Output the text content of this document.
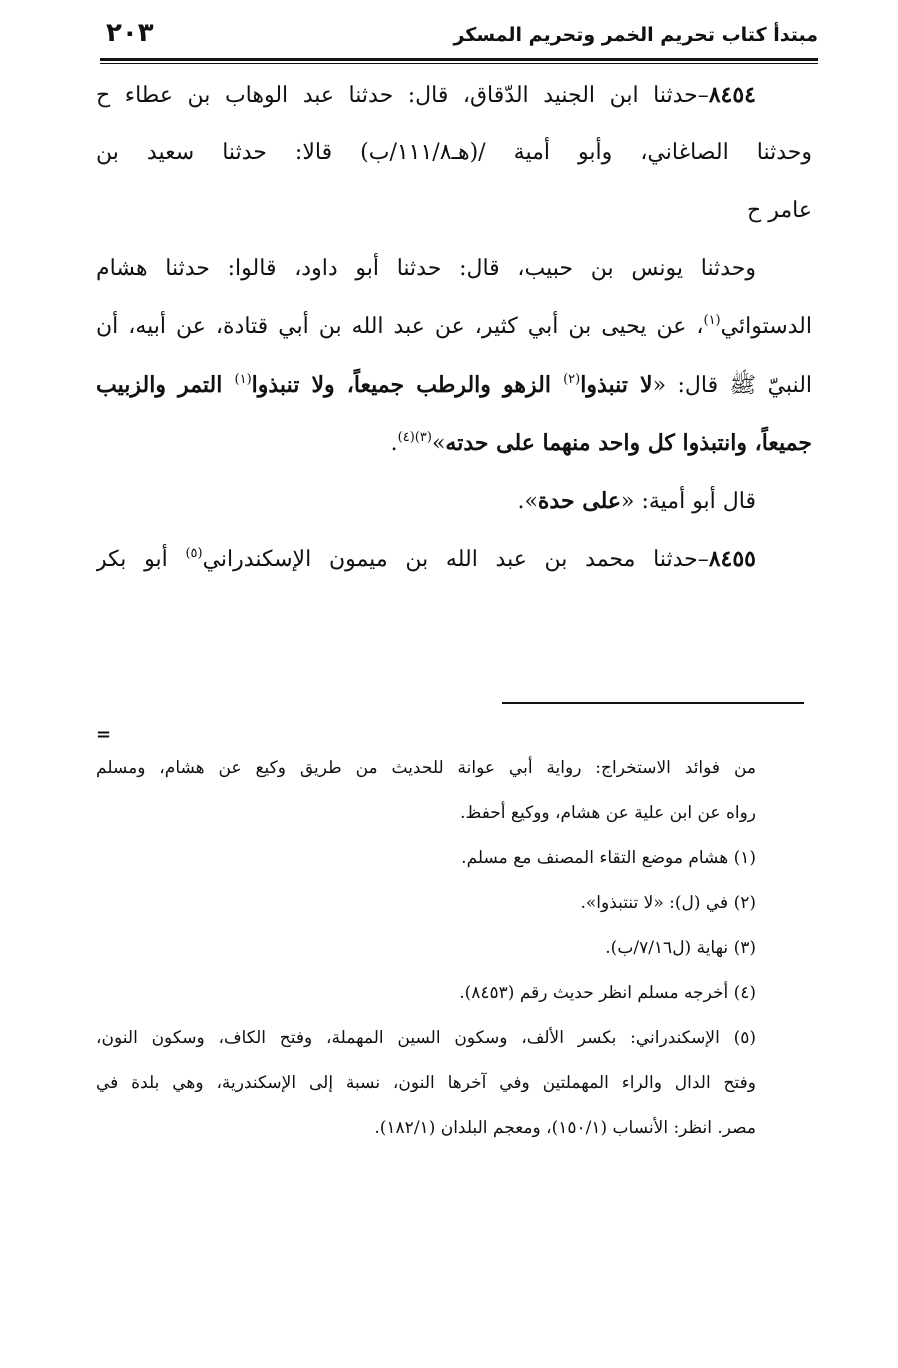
مبتدأ كتاب تحريم الخمر وتحريم المسكر
٢٠٣
٨٤٥٤–حدثنا ابن الجنيد الدّقاق، قال: حدثنا عبد الوهاب بن عطاء ح
وحدثنا الصاغاني، وأبو أمية /(هـ١١١/٨/ب) قالا: حدثنا سعيد بن
عامر ح
وحدثنا يونس بن حبيب، قال: حدثنا أبو داود، قالوا: حدثنا هشام
الدستوائي$^{(١)}$، عن يحيى بن أبي كثير، عن عبد الله بن أبي قتادة، عن أبيه، أن
النبيّ ﷺ قال: «لا تنبذوا$^{(٢)}$ الزهو والرطب جميعاً، ولا تنبذوا$^{(١)}$ التمر والزبيب
جميعاً، وانتبذوا كل واحد منهما على حدته»$^{(٣)(٤)}$.
قال أبو أمية: «على حدة».
٨٤٥٥–حدثنا محمد بن عبد الله بن ميمون الإسكندراني$^{(٥)}$ أبو بكر
=
من فوائد الاستخراج: رواية أبي عوانة للحديث من طريق وكيع عن هشام، ومسلم
رواه عن ابن علية عن هشام، ووكيع أحفظ.
(١) هشام موضع التقاء المصنف مع مسلم.
(٢) في (ل): «لا تنتبذوا».
(٣) نهاية (ل٧/١٦/ب).
(٤) أخرجه مسلم انظر حديث رقم (٨٤٥٣).
(٥) الإسكندراني: بكسر الألف، وسكون السين المهملة، وفتح الكاف، وسكون النون،
وفتح الدال والراء المهملتين وفي آخرها النون، نسبة إلى الإسكندرية، وهي بلدة في
مصر. انظر: الأنساب (١٥٠/١)، ومعجم البلدان (١٨٢/١).
